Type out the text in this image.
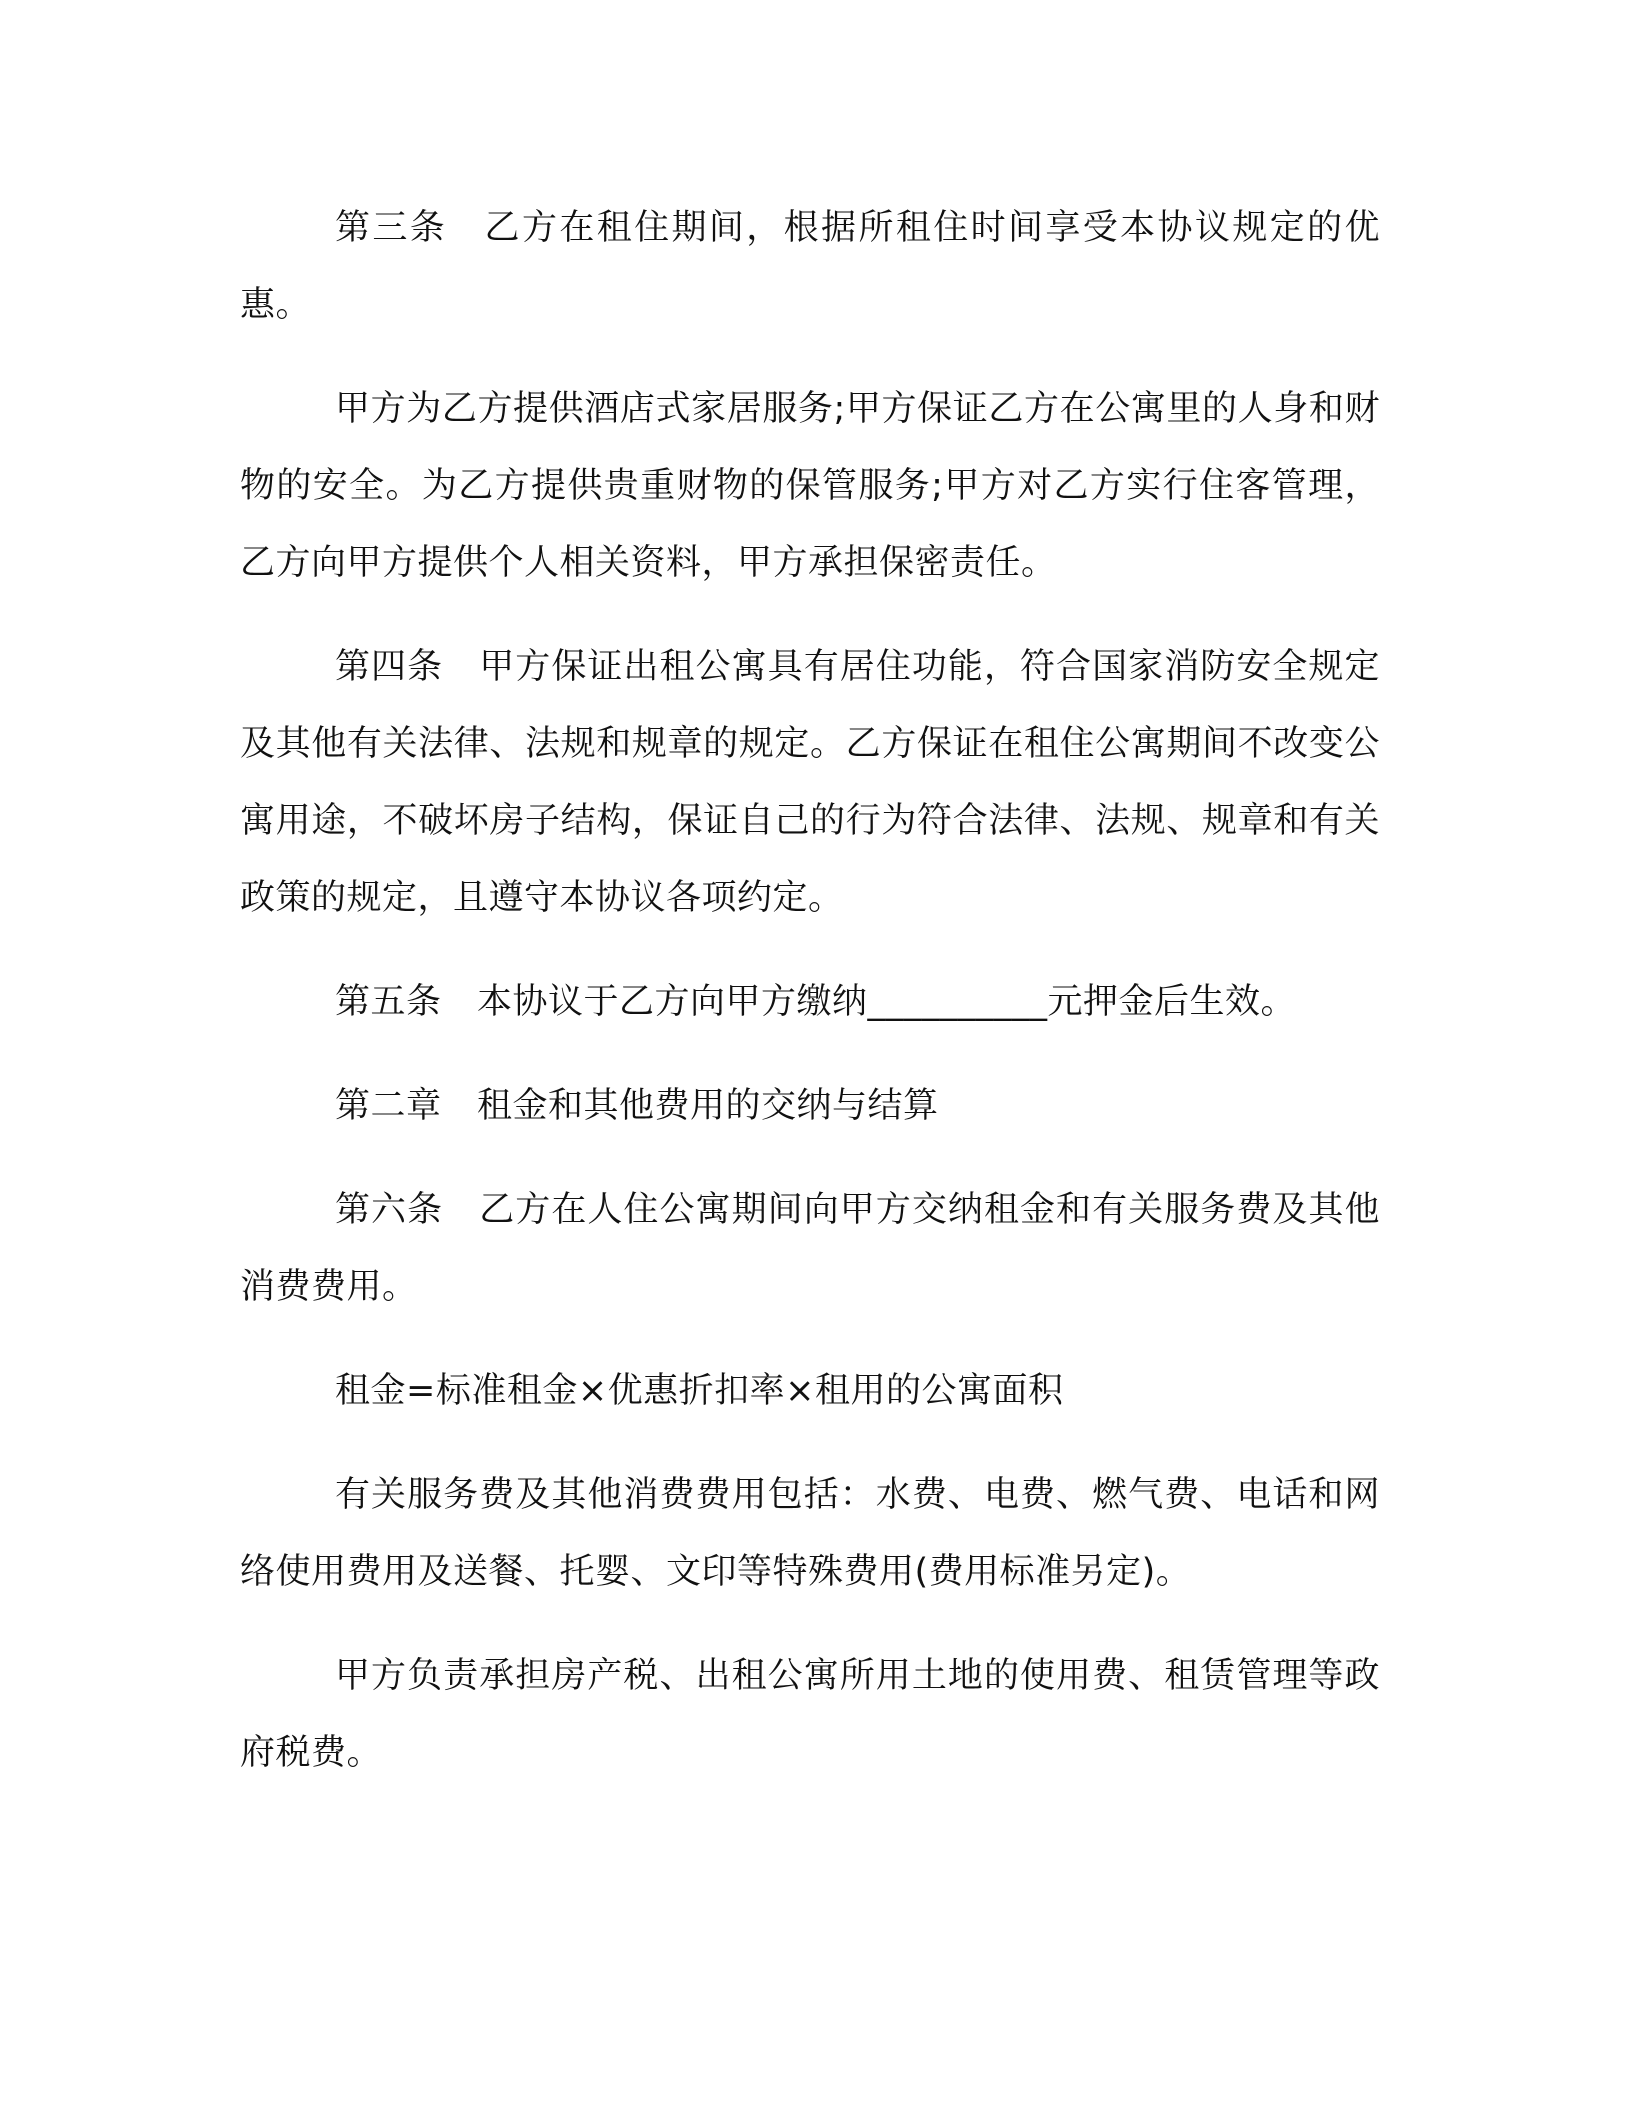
第三条　乙方在租住期间，根据所租住时间享受本协议规定的优惠。

甲方为乙方提供酒店式家居服务;甲方保证乙方在公寓里的人身和财物的安全。为乙方提供贵重财物的保管服务;甲方对乙方实行住客管理，乙方向甲方提供个人相关资料，甲方承担保密责任。

第四条　甲方保证出租公寓具有居住功能，符合国家消防安全规定及其他有关法律、法规和规章的规定。乙方保证在租住公寓期间不改变公寓用途，不破坏房子结构，保证自己的行为符合法律、法规、规章和有关政策的规定，且遵守本协议各项约定。

第五条　本协议于乙方向甲方缴纳__________元押金后生效。

第二章　租金和其他费用的交纳与结算

第六条　乙方在人住公寓期间向甲方交纳租金和有关服务费及其他消费费用。

租金=标准租金×优惠折扣率×租用的公寓面积

有关服务费及其他消费费用包括：水费、电费、燃气费、电话和网络使用费用及送餐、托婴、文印等特殊费用(费用标准另定)。

甲方负责承担房产税、出租公寓所用土地的使用费、租赁管理等政府税费。
